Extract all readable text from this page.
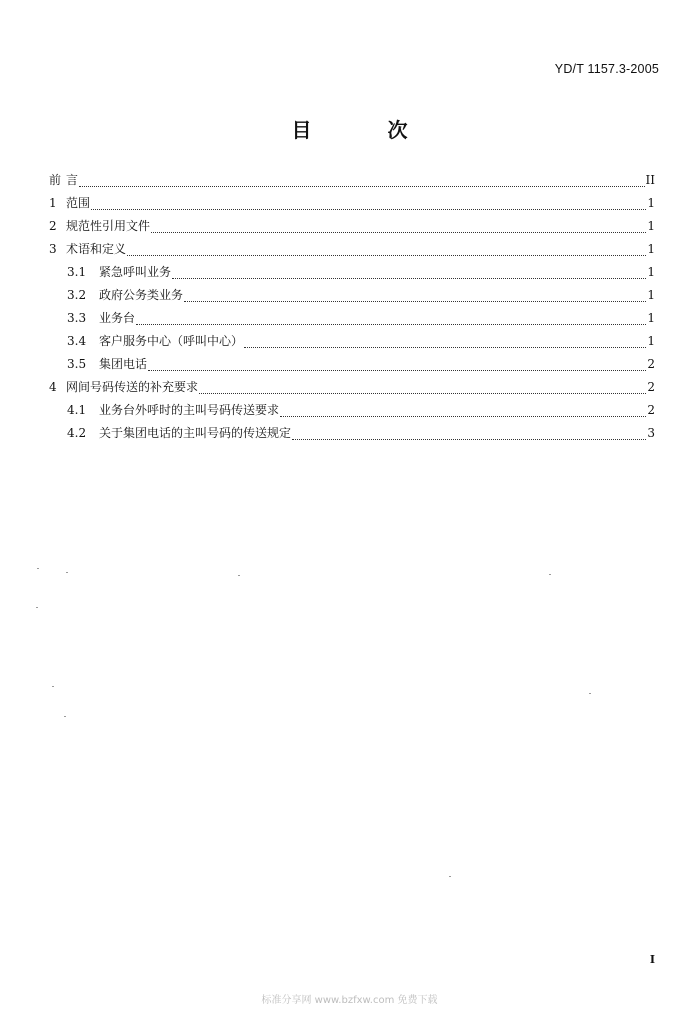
YD/T 1157.3-2005
目　次
前 言	II
1 范围	1
2 规范性引用文件	1
3 术语和定义	1
3.1	紧急呼叫业务	1
3.2	政府公务类业务	1
3.3	业务台	1
3.4	客户服务中心（呼叫中心）	1
3.5	集团电话	2
4 网间号码传送的补充要求	2
4.1	业务台外呼时的主叫号码传送要求	2
4.2	关于集团电话的主叫号码的传送规定	3
I
标准分享网 www.bzfxw.com 免费下载
